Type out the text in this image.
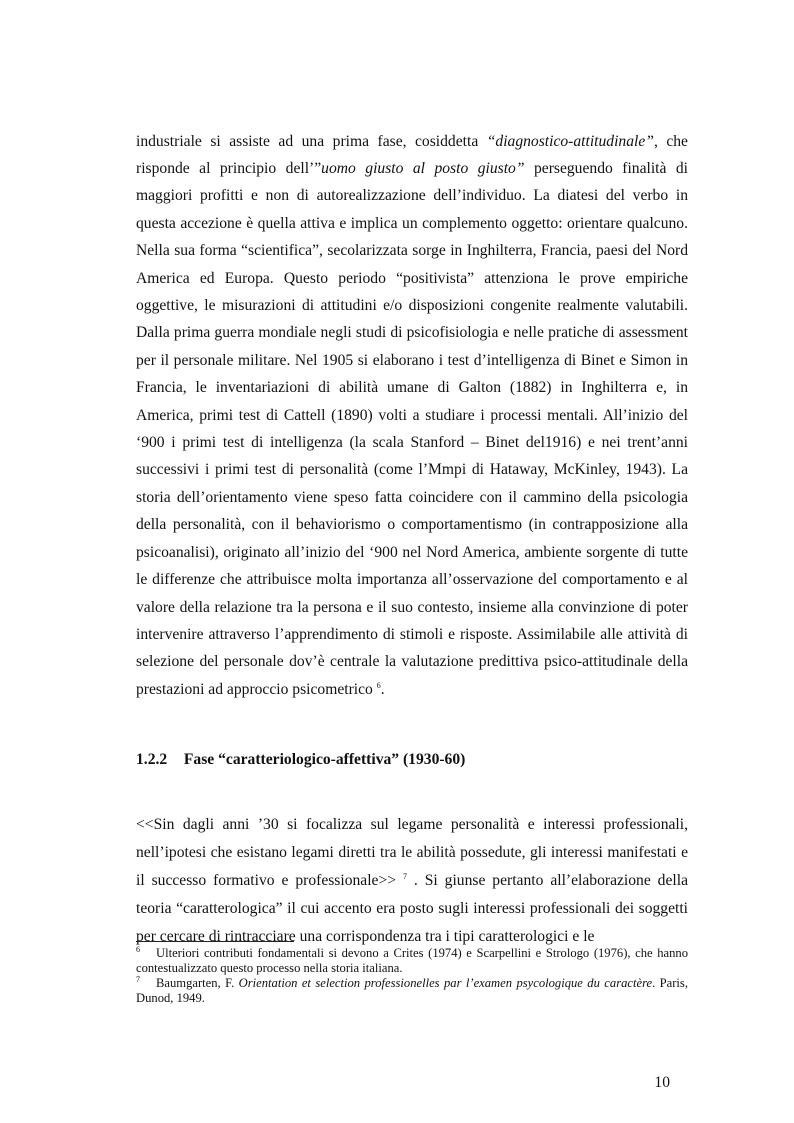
industriale si assiste ad una prima fase, cosiddetta “diagnostico-attitudinale”, che risponde al principio dell’”uomo giusto al posto giusto” perseguendo finalità di maggiori profitti e non di autorealizzazione dell’individuo. La diatesi del verbo in questa accezione è quella attiva e implica un complemento oggetto: orientare qualcuno. Nella sua forma “scientifica”, secolarizzata sorge in Inghilterra, Francia, paesi del Nord America ed Europa. Questo periodo “positivista” attenziona le prove empiriche oggettive, le misurazioni di attitudini e/o disposizioni congenite realmente valutabili. Dalla prima guerra mondiale negli studi di psicofisiologia e nelle pratiche di assessment per il personale militare. Nel 1905 si elaborano i test d’intelligenza di Binet e Simon in Francia, le inventariazioni di abilità umane di Galton (1882) in Inghilterra e, in America, primi test di Cattell (1890) volti a studiare i processi mentali. All’inizio del ‘900 i primi test di intelligenza (la scala Stanford – Binet del1916) e nei trent’anni successivi i primi test di personalità (come l’Mmpi di Hataway, McKinley, 1943). La storia dell’orientamento viene speso fatta coincidere con il cammino della psicologia della personalità, con il behaviorismo o comportamentismo (in contrapposizione alla psicoanalisi), originato all’inizio del ‘900 nel Nord America, ambiente sorgente di tutte le differenze che attribuisce molta importanza all’osservazione del comportamento e al valore della relazione tra la persona e il suo contesto, insieme alla convinzione di poter intervenire attraverso l’apprendimento di stimoli e risposte. Assimilabile alle attività di selezione del personale dov’è centrale la valutazione predittiva psico-attitudinale della prestazioni ad approccio psicometrico $^6$.

1.2.2 Fase “caratteriologico-affettiva” (1930-60)

<<Sin dagli anni ’30 si focalizza sul legame personalità e interessi professionali, nell’ipotesi che esistano legami diretti tra le abilità possedute, gli interessi manifestati e il successo formativo e professionale>> $^7$ . Si giunse pertanto all’elaborazione della teoria “caratterologica” il cui accento era posto sugli interessi professionali dei soggetti per cercare di rintracciare una corrispondenza tra i tipi caratterologici e le

$^6$ Ulteriori contributi fondamentali si devono a Crites (1974) e Scarpellini e Strologo (1976), che hanno contestualizzato questo processo nella storia italiana.

$^7$ Baumgarten, F. Orientation et selection professionelles par l’examen psycologique du caractère. Paris, Dunod, 1949.

10
